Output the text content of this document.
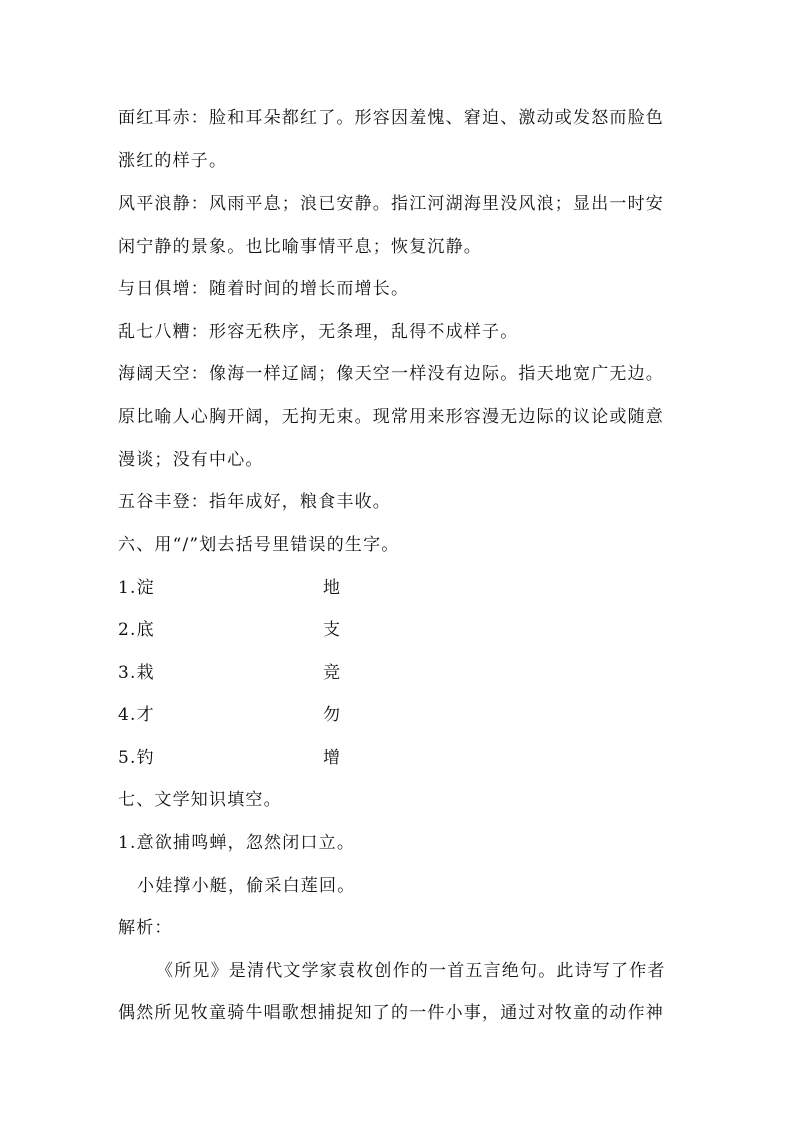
面红耳赤：脸和耳朵都红了。形容因羞愧、窘迫、激动或发怒而脸色
涨红的样子。
风平浪静：风雨平息；浪已安静。指江河湖海里没风浪；显出一时安
闲宁静的景象。也比喻事情平息；恢复沉静。
与日俱增：随着时间的增长而增长。
乱七八糟：形容无秩序，无条理，乱得不成样子。
海阔天空：像海一样辽阔；像天空一样没有边际。指天地宽广无边。
原比喻人心胸开阔，无拘无束。现常用来形容漫无边际的议论或随意
漫谈；没有中心。
五谷丰登：指年成好，粮食丰收。
六、用“/”划去括号里错误的生字。
1.淀	地
2.底	支
3.栽	竞
4.才	勿
5.钓	增
七、文学知识填空。
1.意欲捕鸣蝉，忽然闭口立。
小娃撑小艇，偷采白莲回。
解析：
《所见》是清代文学家袁枚创作的一首五言绝句。此诗写了作者
偶然所见牧童骑牛唱歌想捕捉知了的一件小事，通过对牧童的动作神
